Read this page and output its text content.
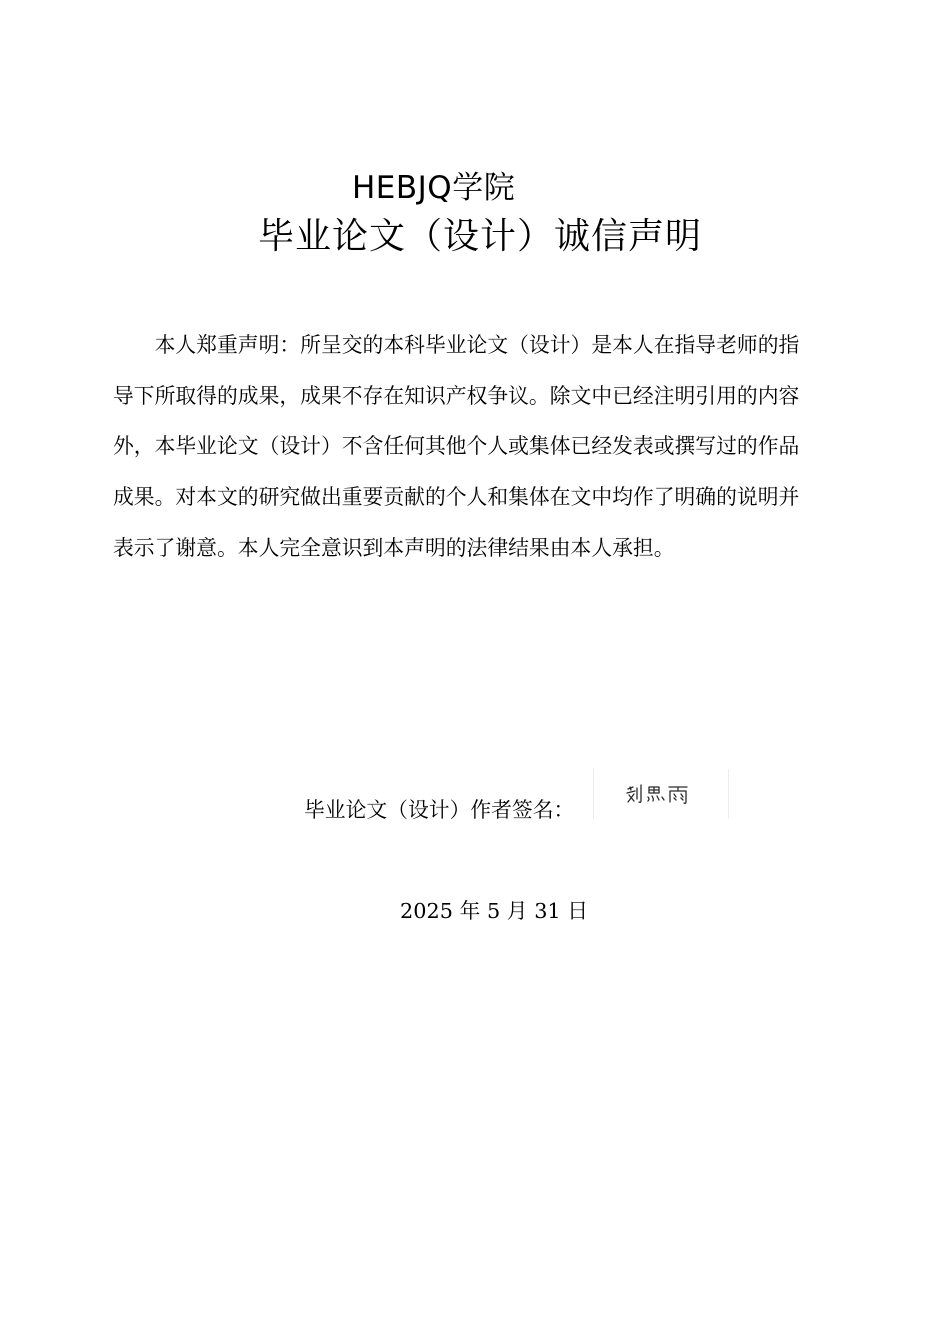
HEBJQ学院
毕业论文（设计）诚信声明
　　本人郑重声明：所呈交的本科毕业论文（设计）是本人在指导老师的指
导下所取得的成果，成果不存在知识产权争议。除文中已经注明引用的内容
外，本毕业论文（设计）不含任何其他个人或集体已经发表或撰写过的作品
成果。对本文的研究做出重要贡献的个人和集体在文中均作了明确的说明并
表示了谢意。本人完全意识到本声明的法律结果由本人承担。
毕业论文（设计）作者签名：
2025 年 5 月 31 日
